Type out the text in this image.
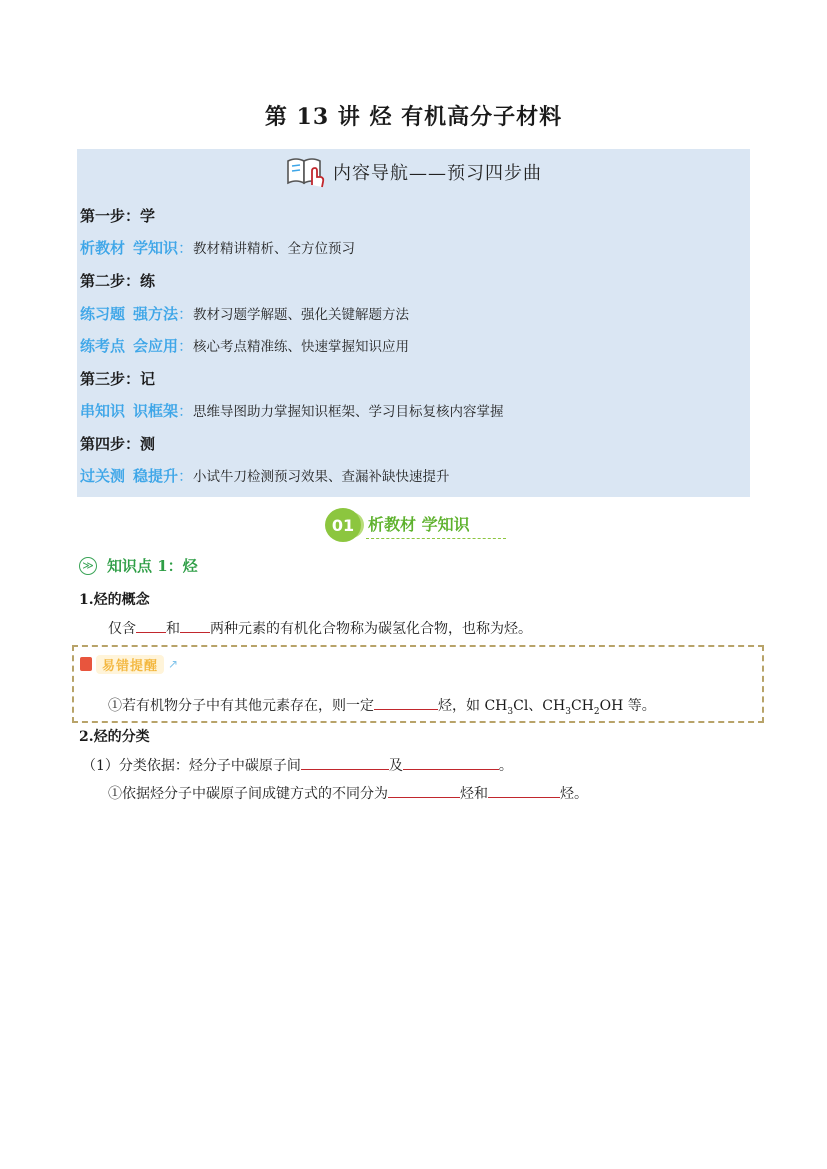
第 13 讲 烃 有机高分子材料
内容导航——预习四步曲
第一步：学
析教材 学知识 ： 教材精讲精析、全方位预习
第二步：练
练习题 强方法 ： 教材习题学解题、强化关键解题方法
练考点 会应用 ： 核心考点精准练、快速掌握知识应用
第三步：记
串知识 识框架 ： 思维导图助力掌握知识框架、学习目标复核内容掌握
第四步：测
过关测 稳提升 ： 小试牛刀检测预习效果、查漏补缺快速提升
01 析教材 学知识
≫ 知识点 1：烃
1.烃的概念
仅含 和 两种元素的有机化合物称为碳氢化合物，也称为烃。
易错提醒 ↗
①若有机物分子中有其他元素存在，则一定	烃，如 $CH_3Cl$、$CH_3CH_2OH$ 等。
2.烃的分类
（1）分类依据：烃分子中碳原子间	及	。
①依据烃分子中碳原子间成键方式的不同分为	烃和	烃。
